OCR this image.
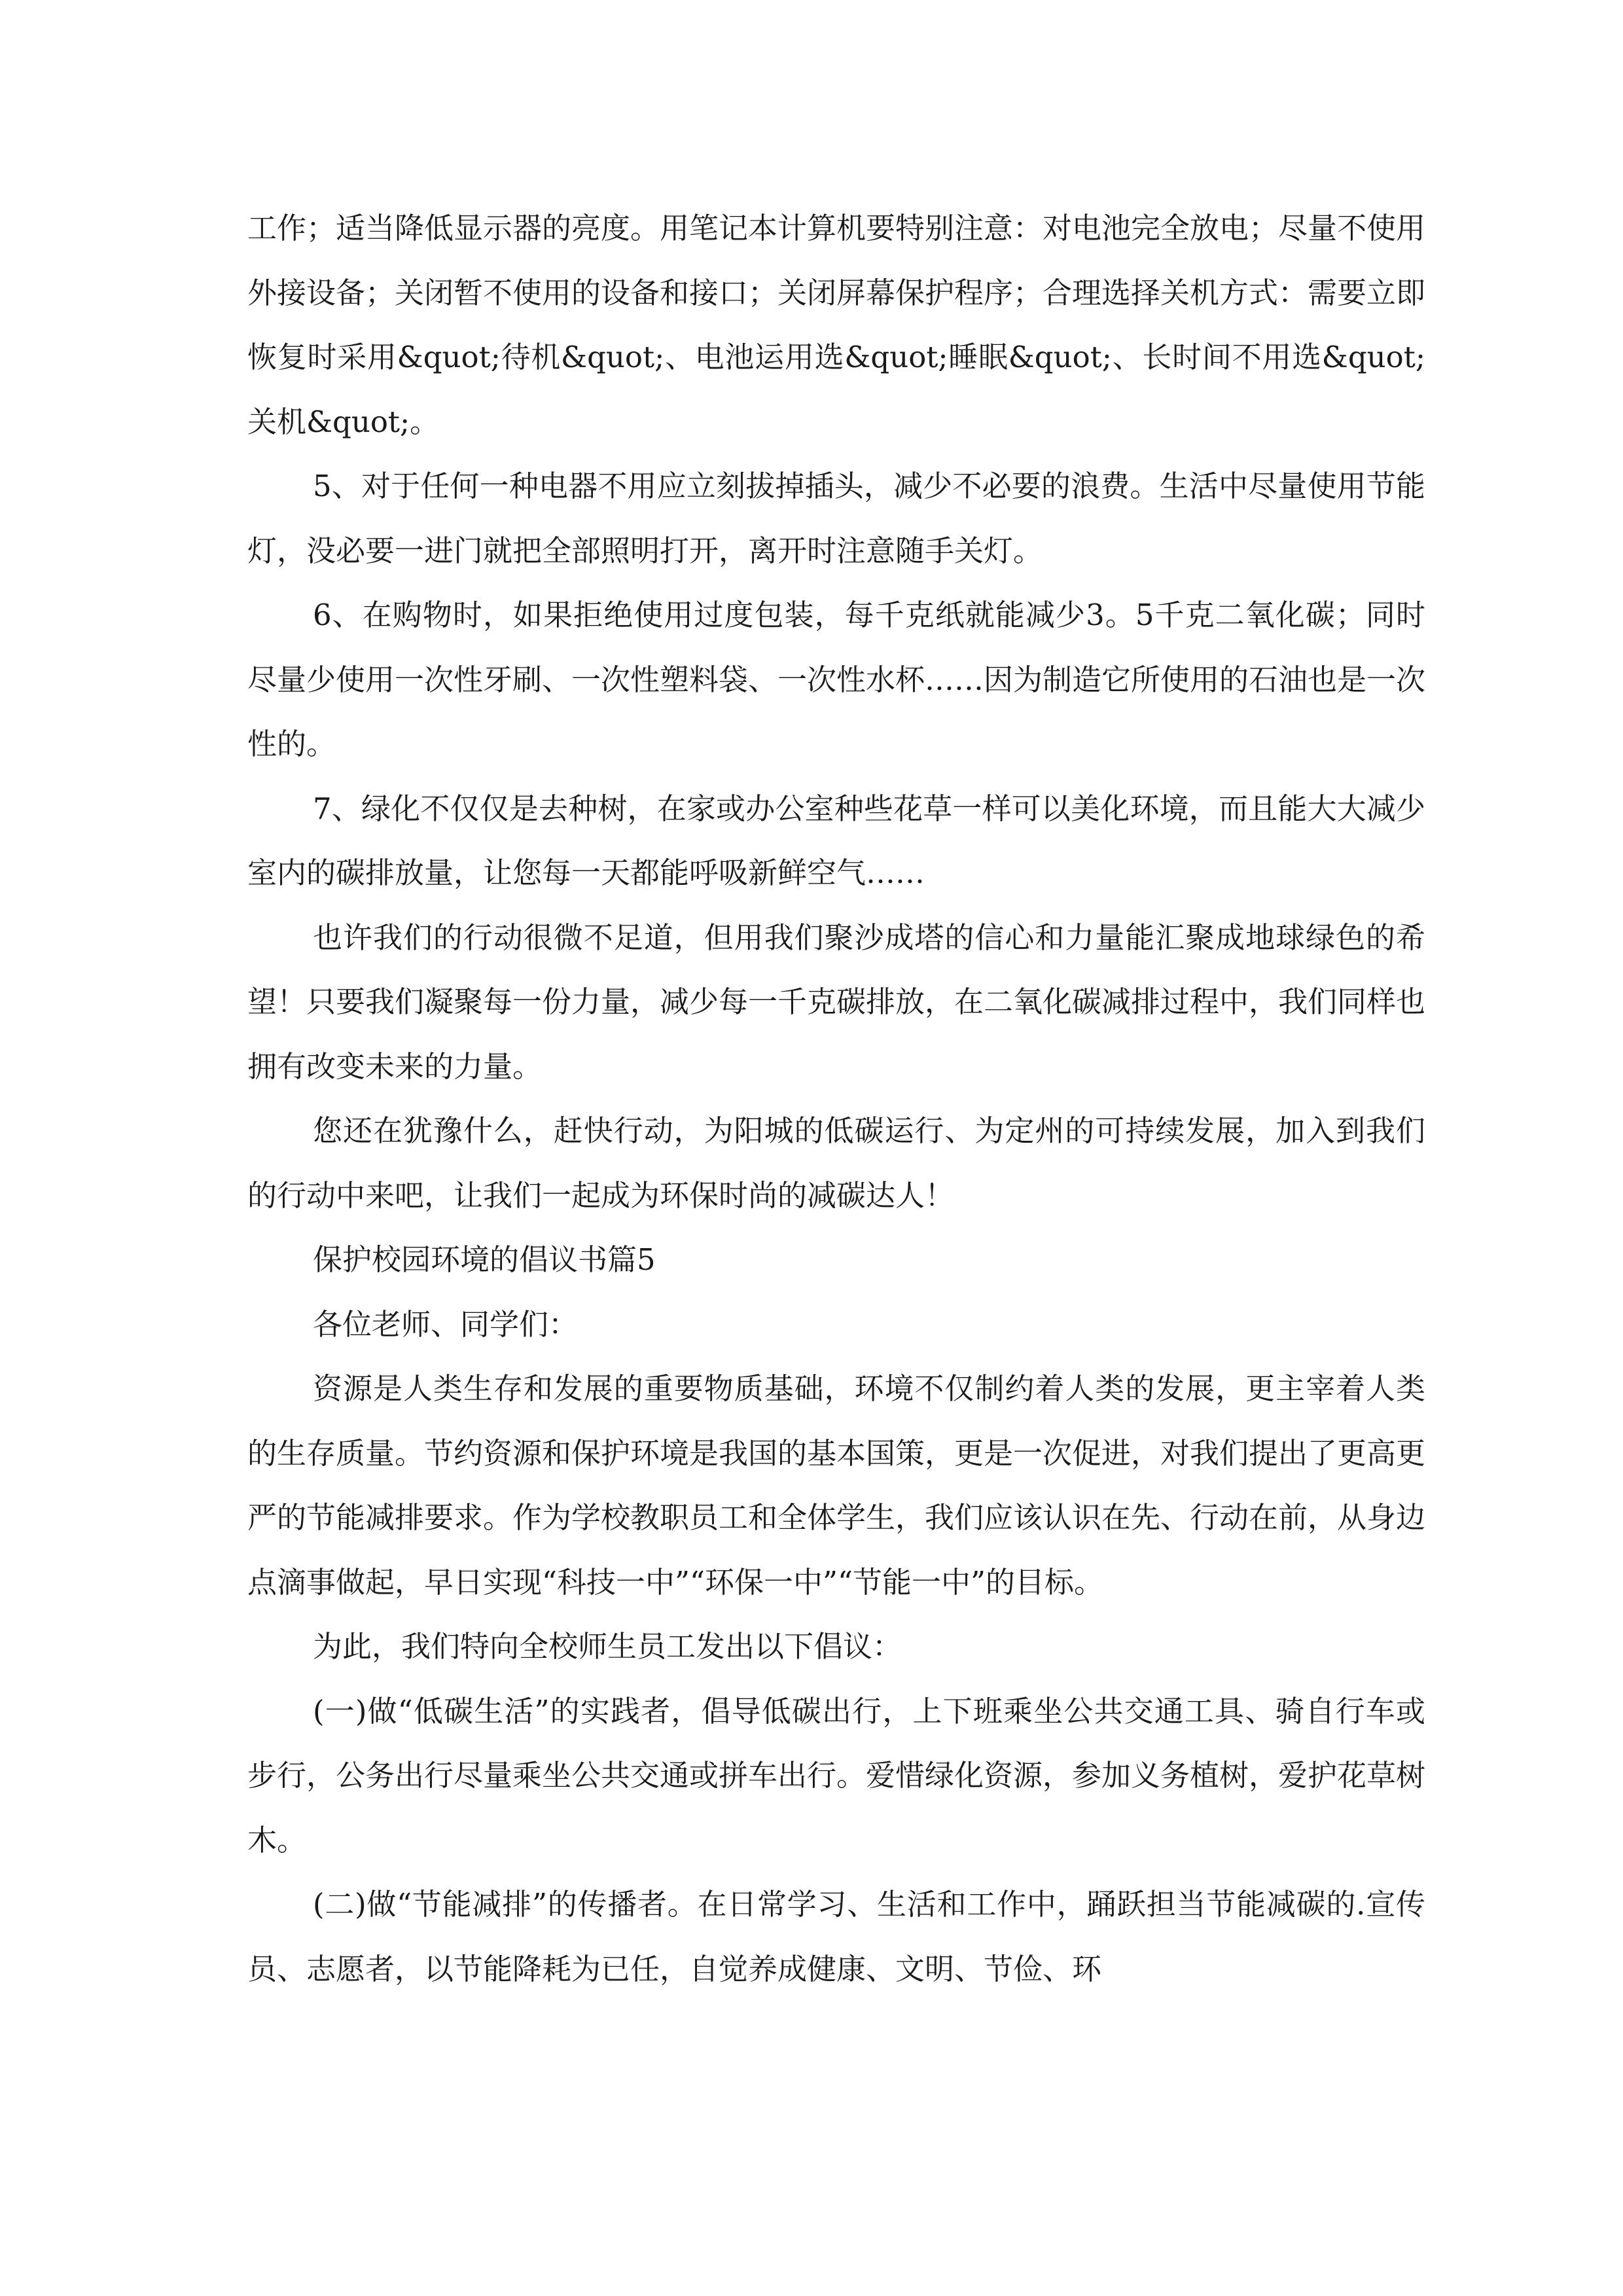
工作；适当降低显示器的亮度。用笔记本计算机要特别注意：对电池完全放电；尽量不使用外接设备；关闭暂不使用的设备和接口；关闭屏幕保护程序；合理选择关机方式：需要立即恢复时采用&quot;待机&quot;、电池运用选&quot;睡眠&quot;、长时间不用选&quot;关机&quot;。

5、对于任何一种电器不用应立刻拔掉插头，减少不必要的浪费。生活中尽量使用节能灯，没必要一进门就把全部照明打开，离开时注意随手关灯。

6、在购物时，如果拒绝使用过度包装，每千克纸就能减少3。5千克二氧化碳；同时尽量少使用一次性牙刷、一次性塑料袋、一次性水杯……因为制造它所使用的石油也是一次性的。

7、绿化不仅仅是去种树，在家或办公室种些花草一样可以美化环境，而且能大大减少室内的碳排放量，让您每一天都能呼吸新鲜空气……

也许我们的行动很微不足道，但用我们聚沙成塔的信心和力量能汇聚成地球绿色的希望！只要我们凝聚每一份力量，减少每一千克碳排放，在二氧化碳减排过程中，我们同样也拥有改变未来的力量。

您还在犹豫什么，赶快行动，为阳城的低碳运行、为定州的可持续发展，加入到我们的行动中来吧，让我们一起成为环保时尚的减碳达人！

保护校园环境的倡议书篇5

各位老师、同学们：

资源是人类生存和发展的重要物质基础，环境不仅制约着人类的发展，更主宰着人类的生存质量。节约资源和保护环境是我国的基本国策，更是一次促进，对我们提出了更高更严的节能减排要求。作为学校教职员工和全体学生，我们应该认识在先、行动在前，从身边点滴事做起，早日实现“科技一中”“环保一中”“节能一中”的目标。

为此，我们特向全校师生员工发出以下倡议：

(一)做“低碳生活”的实践者，倡导低碳出行，上下班乘坐公共交通工具、骑自行车或步行，公务出行尽量乘坐公共交通或拼车出行。爱惜绿化资源，参加义务植树，爱护花草树木。

(二)做“节能减排”的传播者。在日常学习、生活和工作中，踊跃担当节能减碳的.宣传员、志愿者，以节能降耗为已任，自觉养成健康、文明、节俭、环
